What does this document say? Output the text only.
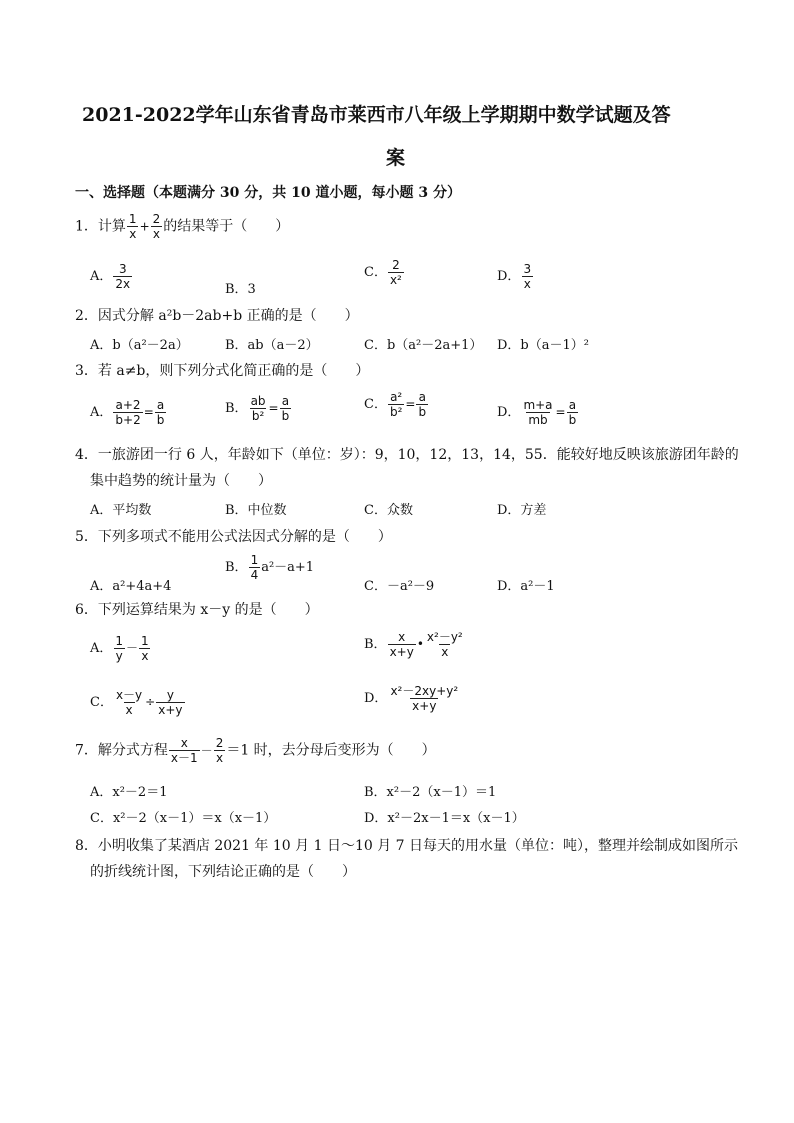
2021-2022学年山东省青岛市莱西市八年级上学期期中数学试题及答
案
一、选择题（本题满分 30 分，共 10 道小题，每小题 3 分）
1．计算 $\frac{1}{x} + \frac{2}{x}$ 的结果等于（　　）
A． $\frac{3}{2x}$	B．3
C． $\frac{2}{\text{x²}}$	D． $\frac{3}{x}$
2．因式分解 a²b－2ab+b 正确的是（　　）
A．b（a²－2a）	B．ab（a－2）	C．b（a²－2a+1） D．b（a－1）²
3．若 a≠b，则下列分式化简正确的是（　　）
A． $\frac{a+2}{b+2} = \frac{a}{b}$	B． $\frac{ab}{\text{b²}} = \frac{a}{b}$	C． $\frac{\text{a²}}{\text{b²}} = \frac{a}{b}$	D． $\frac{m+a}{mb} = \frac{a}{b}$
4．一旅游团一行 6 人，年龄如下（单位：岁）：9，10，12，13，14，55．能较好地反映该旅游团年龄的
集中趋势的统计量为（　　）
A．平均数	B．中位数	C．众数	D．方差
5．下列多项式不能用公式法因式分解的是（　　）
A．a²+4a+4
B． $\frac{1}{4} a^2-a+1$
C．－a²－9	D．a²－1
6．下列运算结果为 x－y 的是（　　）
A． $\frac{1}{y} - \frac{1}{x}$	B． $\frac{x}{x+y}$ • $\frac{\text{x²－y²}}{x}$
C． $\frac{x-y}{x} \div \frac{y}{x+y}$	D． $\frac{\text{x²－2xy+y²}}{x+y}$
7．解分式方程 $\frac{x}{x-1} - \frac{2}{x} =1$ 时，去分母后变形为（　　）
A．x²－2＝1	B．x²－2（x－1）＝1
C．x²－2（x－1）＝x（x－1）	D．x²－2x－1＝x（x－1）
8．小明收集了某酒店 2021 年 10 月 1 日～10 月 7 日每天的用水量（单位：吨），整理并绘制成如图所示
的折线统计图，下列结论正确的是（　　）
